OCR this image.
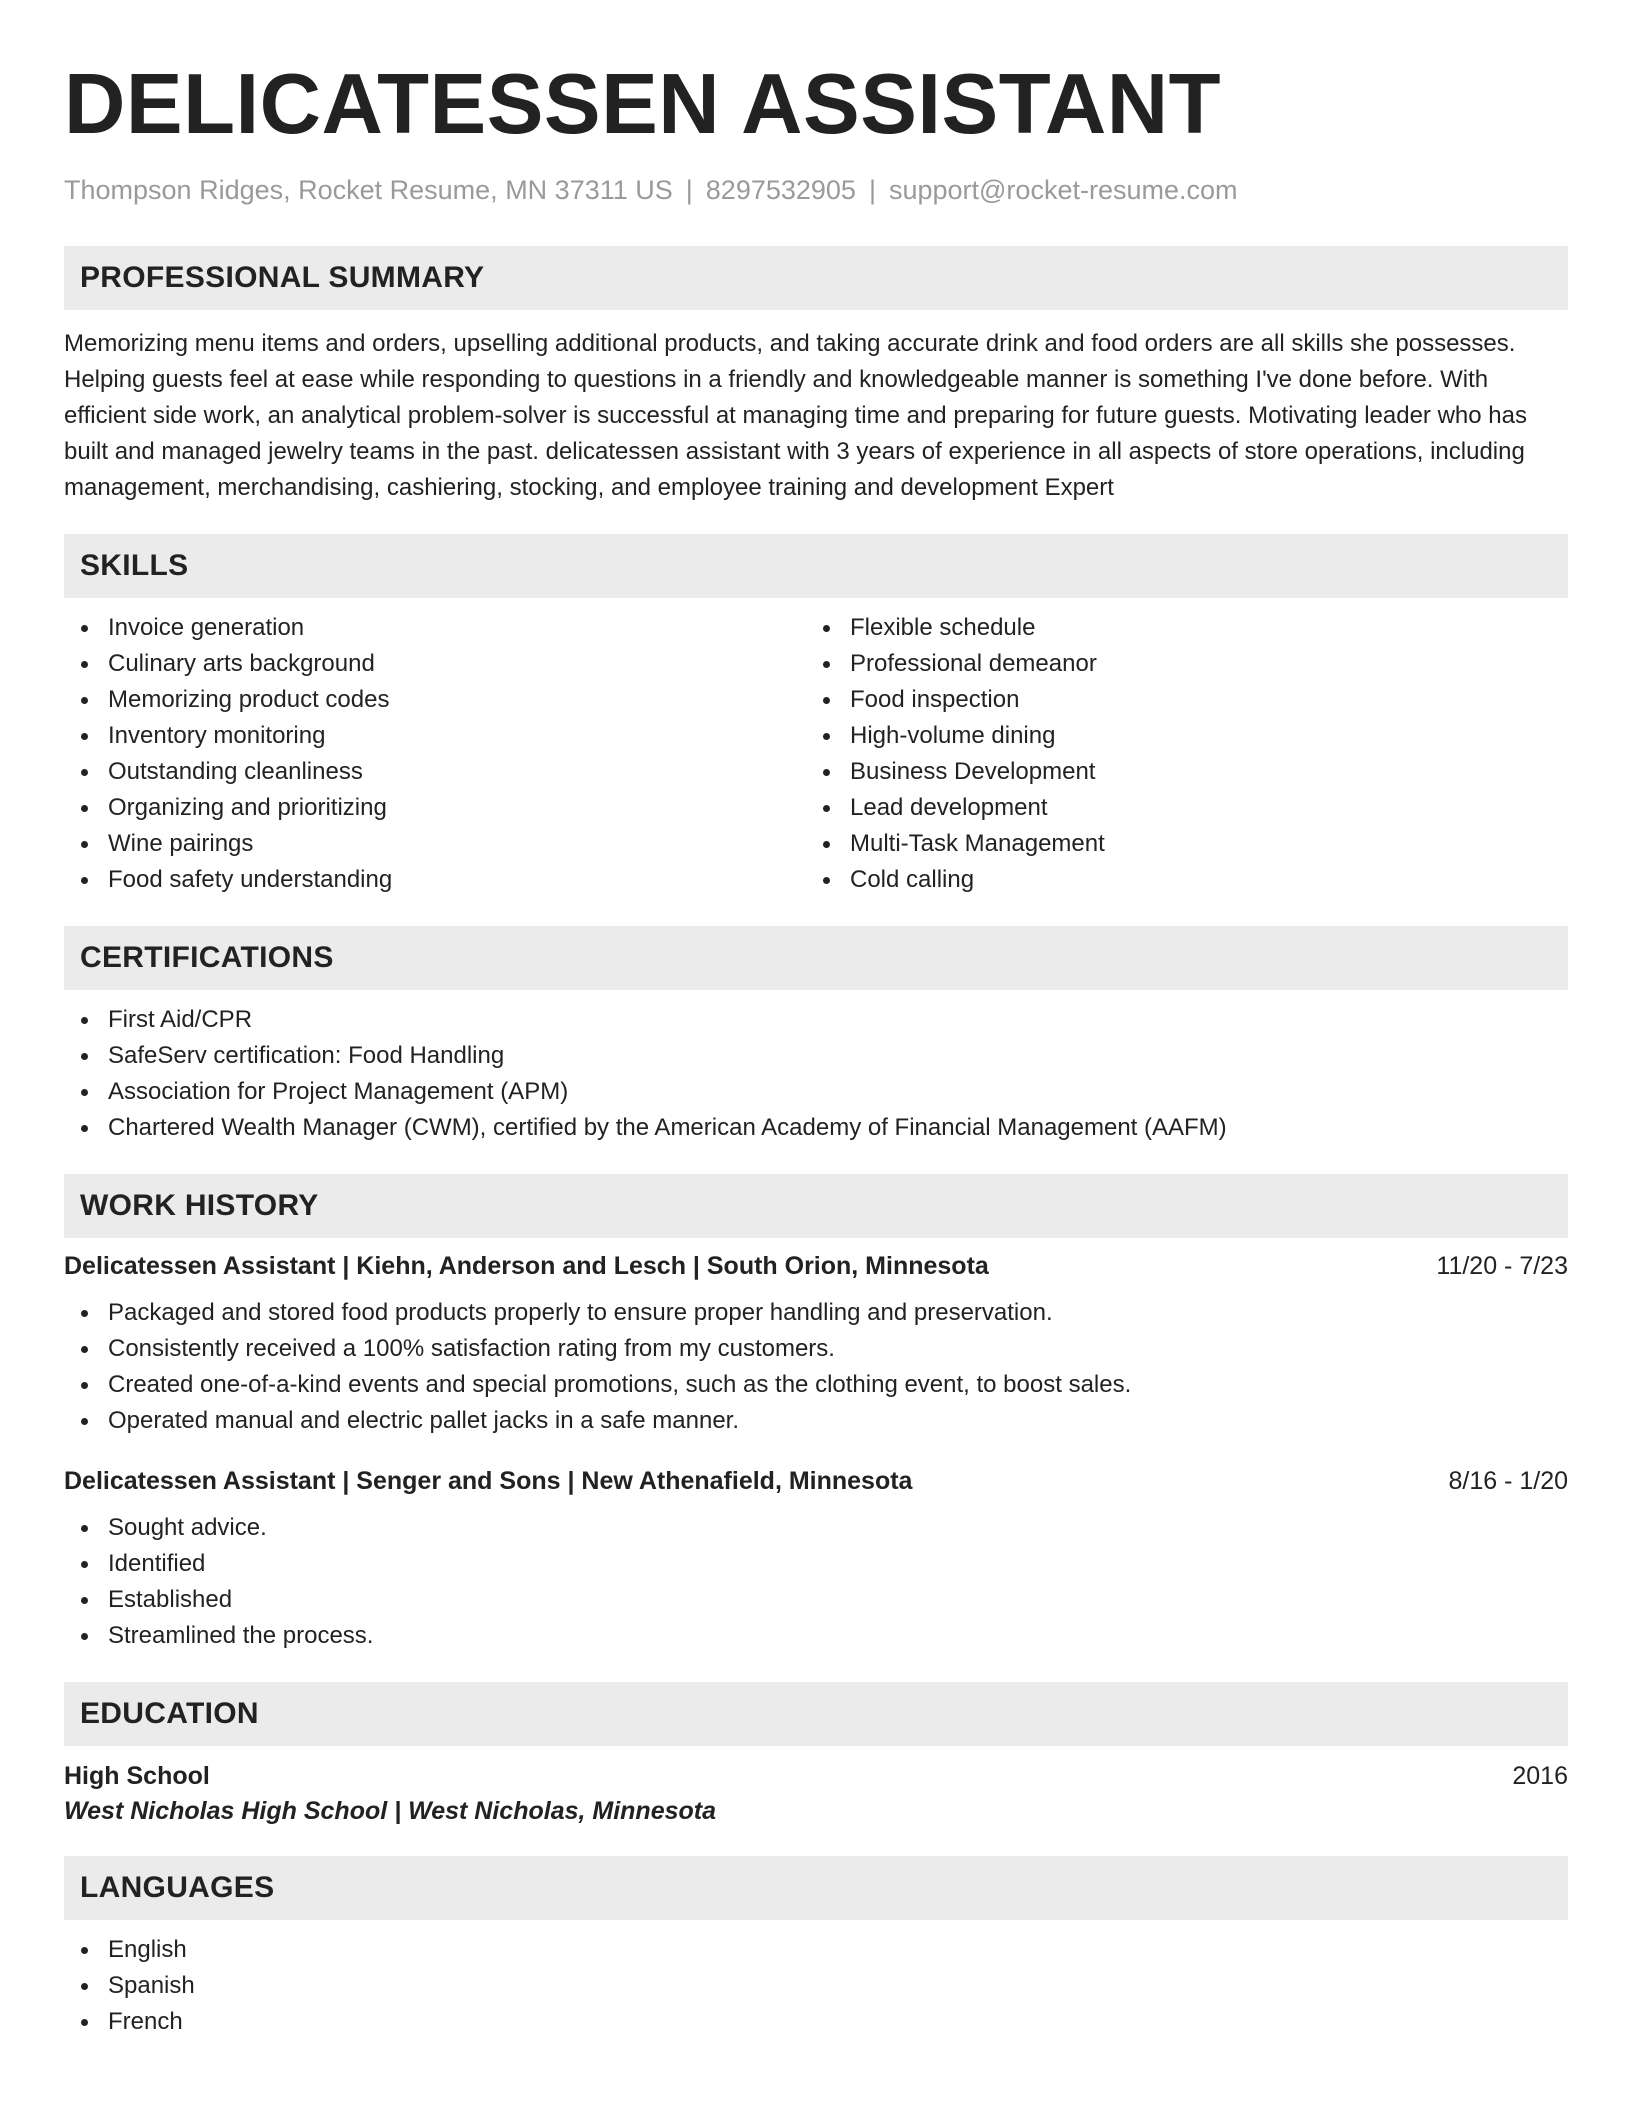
DELICATESSEN ASSISTANT
Thompson Ridges, Rocket Resume, MN 37311 US | 8297532905 | support@rocket-resume.com
PROFESSIONAL SUMMARY
Memorizing menu items and orders, upselling additional products, and taking accurate drink and food orders are all skills she possesses. Helping guests feel at ease while responding to questions in a friendly and knowledgeable manner is something I've done before. With efficient side work, an analytical problem-solver is successful at managing time and preparing for future guests. Motivating leader who has built and managed jewelry teams in the past. delicatessen assistant with 3 years of experience in all aspects of store operations, including management, merchandising, cashiering, stocking, and employee training and development Expert
SKILLS
Invoice generation
Culinary arts background
Memorizing product codes
Inventory monitoring
Outstanding cleanliness
Organizing and prioritizing
Wine pairings
Food safety understanding
Flexible schedule
Professional demeanor
Food inspection
High-volume dining
Business Development
Lead development
Multi-Task Management
Cold calling
CERTIFICATIONS
First Aid/CPR
SafeServ certification: Food Handling
Association for Project Management (APM)
Chartered Wealth Manager (CWM), certified by the American Academy of Financial Management (AAFM)
WORK HISTORY
Delicatessen Assistant | Kiehn, Anderson and Lesch | South Orion, Minnesota	11/20 - 7/23
Packaged and stored food products properly to ensure proper handling and preservation.
Consistently received a 100% satisfaction rating from my customers.
Created one-of-a-kind events and special promotions, such as the clothing event, to boost sales.
Operated manual and electric pallet jacks in a safe manner.
Delicatessen Assistant | Senger and Sons | New Athenafield, Minnesota	8/16 - 1/20
Sought advice.
Identified
Established
Streamlined the process.
EDUCATION
High School	2016
West Nicholas High School | West Nicholas, Minnesota
LANGUAGES
English
Spanish
French
